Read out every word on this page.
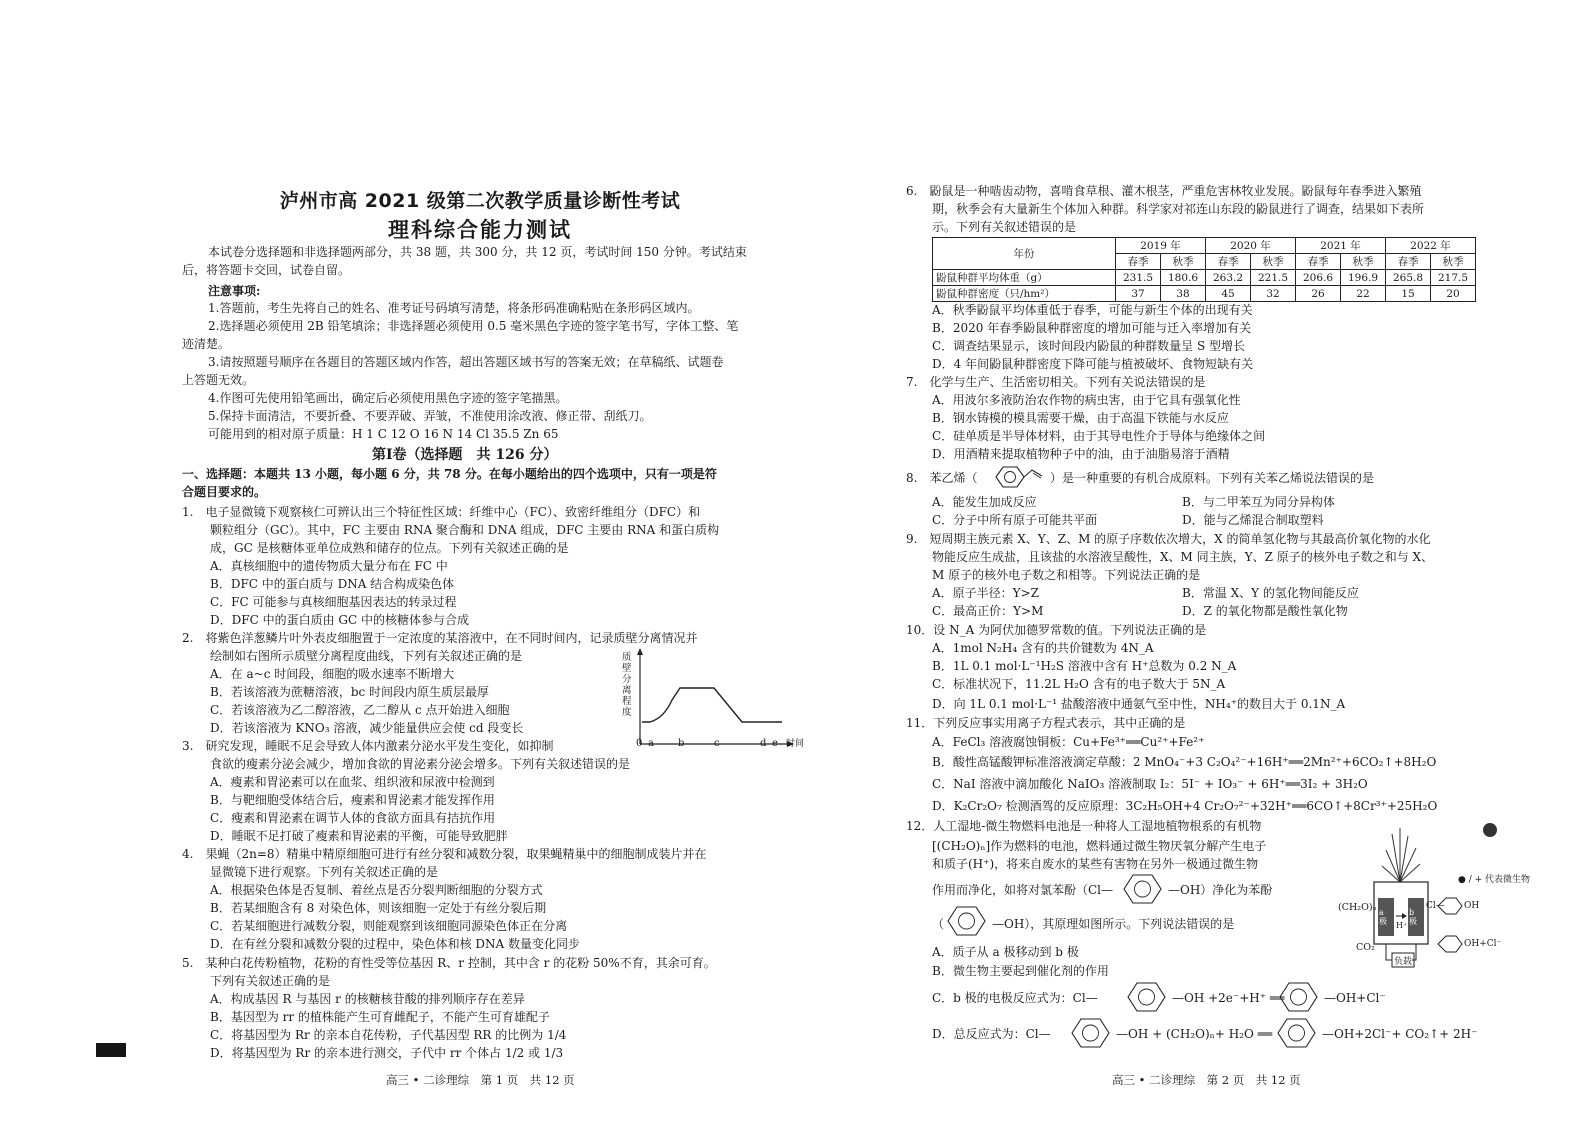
泸州市高 2021 级第二次教学质量诊断性考试
理科综合能力测试
本试卷分选择题和非选择题两部分，共 38 题，共 300 分，共 12 页，考试时间 150 分钟。考试结束
后，将答题卡交回，试卷自留。
注意事项:
1.答题前，考生先将自己的姓名、准考证号码填写清楚，将条形码准确粘贴在条形码区域内。
2.选择题必须使用 2B 铅笔填涂；非选择题必须使用 0.5 毫米黑色字迹的签字笔书写，字体工整、笔
迹清楚。
3.请按照题号顺序在各题目的答题区域内作答，超出答题区域书写的答案无效；在草稿纸、试题卷
上答题无效。
4.作图可先使用铅笔画出，确定后必须使用黑色字迹的签字笔描黑。
5.保持卡面清洁，不要折叠、不要弄破、弄皱，不准使用涂改液、修正带、刮纸刀。
可能用到的相对原子质量：H 1 C 12 O 16 N 14 Cl 35.5 Zn 65
第Ⅰ卷（选择题　共 126 分）
一、选择题：本题共 13 小题，每小题 6 分，共 78 分。在每小题给出的四个选项中，只有一项是符
合题目要求的。
1.　电子显微镜下观察核仁可辨认出三个特征性区域：纤维中心（FC）、致密纤维组分（DFC）和
颗粒组分（GC）。其中，FC 主要由 RNA 聚合酶和 DNA 组成，DFC 主要由 RNA 和蛋白质构
成，GC 是核糖体亚单位成熟和储存的位点。下列有关叙述正确的是
A．真核细胞中的遗传物质大量分布在 FC 中
B．DFC 中的蛋白质与 DNA 结合构成染色体
C．FC 可能参与真核细胞基因表达的转录过程
D．DFC 中的蛋白质由 GC 中的核糖体参与合成
2.　将紫色洋葱鳞片叶外表皮细胞置于一定浓度的某溶液中，在不同时间内，记录质壁分离情况并
绘制如右图所示质壁分离程度曲线，下列有关叙述正确的是
A．在 a~c 时间段，细胞的吸水速率不断增大
B．若该溶液为蔗糖溶液，bc 时间段内原生质层最厚
C．若该溶液为乙二醇溶液，乙二醇从 c 点开始进入细胞
D．若该溶液为 KNO₃ 溶液，减少能量供应会使 cd 段变长
质壁分离程度
0 a b	c	d e 时间
3.　研究发现，睡眠不足会导致人体内激素分泌水平发生变化，如抑制
食欲的瘦素分泌会减少，增加食欲的胃泌素分泌会增多。下列有关叙述错误的是
A．瘦素和胃泌素可以在血浆、组织液和尿液中检测到
B．与靶细胞受体结合后，瘦素和胃泌素才能发挥作用
C．瘦素和胃泌素在调节人体的食欲方面具有拮抗作用
D．睡眠不足打破了瘦素和胃泌素的平衡，可能导致肥胖
4.　果蝇（2n=8）精巢中精原细胞可进行有丝分裂和减数分裂，取果蝇精巢中的细胞制成装片并在
显微镜下进行观察。下列有关叙述正确的是
A．根据染色体是否复制、着丝点是否分裂判断细胞的分裂方式
B．若某细胞含有 8 对染色体，则该细胞一定处于有丝分裂后期
C．若某细胞进行减数分裂，则能观察到该细胞同源染色体正在分离
D．在有丝分裂和减数分裂的过程中，染色体和核 DNA 数量变化同步
5.　某种白花传粉植物，花粉的育性受等位基因 R、r 控制，其中含 r 的花粉 50%不育，其余可育。
下列有关叙述正确的是
A．构成基因 R 与基因 r 的核糖核苷酸的排列顺序存在差异
B．基因型为 rr 的植株能产生可育雌配子，不能产生可育雄配子
C．将基因型为 Rr 的亲本自花传粉，子代基因型 RR 的比例为 1/4
D．将基因型为 Rr 的亲本进行测交，子代中 rr 个体占 1/2 或 1/3
高三 • 二诊理综　第 1 页　共 12 页
6.　鼢鼠是一种啮齿动物，喜啃食草根、灌木根茎，严重危害林牧业发展。鼢鼠每年春季进入繁殖
期，秋季会有大量新生个体加入种群。科学家对祁连山东段的鼢鼠进行了调查，结果如下表所
示。下列有关叙述错误的是
年份	2019 年		2020 年		2021 年		2022 年	
	春季	秋季	春季	秋季	春季	秋季	春季	秋季
鼢鼠种群平均体重（g）	231.5	180.6	263.2	221.5	206.6	196.9	265.8	217.5
鼢鼠种群密度（只/hm²）	37	38	45	32	26	22	15	20
A．秋季鼢鼠平均体重低于春季，可能与新生个体的出现有关
B．2020 年春季鼢鼠种群密度的增加可能与迁入率增加有关
C．调查结果显示，该时间段内鼢鼠的种群数量呈 S 型增长
D．4 年间鼢鼠种群密度下降可能与植被破坏、食物短缺有关
7.　化学与生产、生活密切相关。下列有关说法错误的是
A．用波尔多液防治农作物的病虫害，由于它具有强氧化性
B．钢水铸模的模具需要干燥，由于高温下铁能与水反应
C．硅单质是半导体材料，由于其导电性介于导体与绝缘体之间
D．用酒精来提取植物种子中的油，由于油脂易溶于酒精
8.　苯乙烯（	）是一种重要的有机合成原料。下列有关苯乙烯说法错误的是
A．能发生加成反应	B．与二甲苯互为同分异构体
C．分子中所有原子可能共平面	D．能与乙烯混合制取塑料
9.　短周期主族元素 X、Y、Z、M 的原子序数依次增大，X 的简单氢化物与其最高价氧化物的水化
物能反应生成盐，且该盐的水溶液呈酸性，X、M 同主族，Y、Z 原子的核外电子数之和与 X、
M 原子的核外电子数之和相等。下列说法正确的是
A．原子半径：Y>Z	B．常温 X、Y 的氢化物间能反应
C．最高正价：Y>M	D．Z 的氧化物都是酸性氧化物
10．设 N_A 为阿伏加德罗常数的值。下列说法正确的是
A．1mol N₂H₄ 含有的共价键数为 4N_A
B．1L 0.1 mol·L⁻¹H₂S 溶液中含有 H⁺总数为 0.2 N_A
C．标准状况下，11.2L H₂O 含有的电子数大于 5N_A
D．向 1L 0.1 mol·L⁻¹ 盐酸溶液中通氨气至中性，NH₄⁺的数目大于 0.1N_A
11．下列反应事实用离子方程式表示，其中正确的是
A．FeCl₃ 溶液腐蚀铜板：Cu+Fe³⁺══Cu²⁺+Fe²⁺
B．酸性高锰酸钾标准溶液滴定草酸：2 MnO₄⁻+3 C₂O₄²⁻+16H⁺══2Mn²⁺+6CO₂↑+8H₂O
C．NaI 溶液中滴加酸化 NaIO₃ 溶液制取 I₂：5I⁻ + IO₃⁻ + 6H⁺══3I₂ + 3H₂O
D．K₂Cr₂O₇ 检测酒驾的反应原理：3C₂H₅OH+4 Cr₂O₇²⁻+32H⁺══6CO↑+8Cr³⁺+25H₂O
12．人工湿地-微生物燃料电池是一种将人工湿地植物根系的有机物
[(CH₂O)ₙ]作为燃料的电池，燃料通过微生物厌氧分解产生电子
和质子(H⁺)，将来自废水的某些有害物在另外一极通过微生物
作用而净化，如将对氯苯酚（Cl—	—OH）净化为苯酚
（	—OH），其原理如图所示。下列说法错误的是
A．质子从 a 极移动到 b 极
B．微生物主要起到催化剂的作用
C．b 极的电极反应式为：Cl—	—OH +2e⁻+H⁺ ══	—OH+Cl⁻
D．总反应式为：Cl—	—OH + (CH₂O)ₙ+ H₂O ══	—OH+2Cl⁻+ CO₂↑+ 2H⁻
● / + 代表微生物
(CH₂O)ₙ
CO₂
a 极
b 极
H⁺
负载
Cl— OH
OH+Cl⁻
高三 • 二诊理综　第 2 页　共 12 页
